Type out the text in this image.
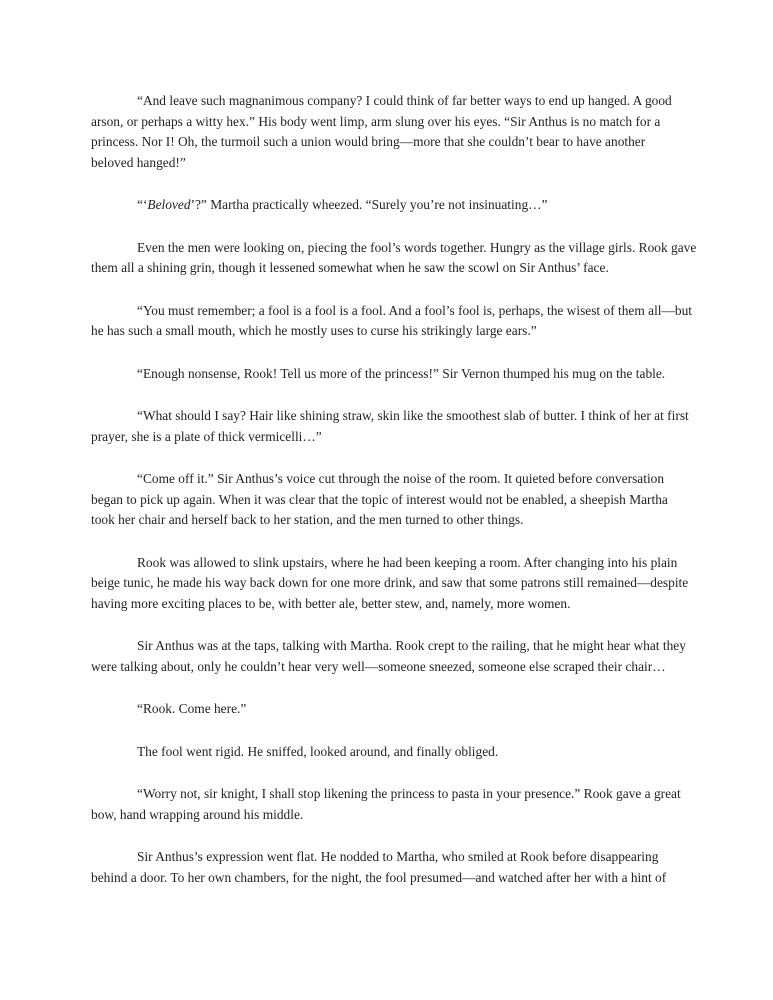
“And leave such magnanimous company? I could think of far better ways to end up hanged. A good
arson, or perhaps a witty hex.” His body went limp, arm slung over his eyes. “Sir Anthus is no match for a
princess. Nor I! Oh, the turmoil such a union would bring—more that she couldn’t bear to have another
beloved hanged!”

“‘Beloved’?” Martha practically wheezed. “Surely you’re not insinuating…”

Even the men were looking on, piecing the fool’s words together. Hungry as the village girls. Rook gave
them all a shining grin, though it lessened somewhat when he saw the scowl on Sir Anthus’ face.

“You must remember; a fool is a fool is a fool. And a fool’s fool is, perhaps, the wisest of them all—but
he has such a small mouth, which he mostly uses to curse his strikingly large ears.”

“Enough nonsense, Rook! Tell us more of the princess!” Sir Vernon thumped his mug on the table.

“What should I say? Hair like shining straw, skin like the smoothest slab of butter. I think of her at first
prayer, she is a plate of thick vermicelli…”

“Come off it.” Sir Anthus’s voice cut through the noise of the room. It quieted before conversation
began to pick up again. When it was clear that the topic of interest would not be enabled, a sheepish Martha
took her chair and herself back to her station, and the men turned to other things.

Rook was allowed to slink upstairs, where he had been keeping a room. After changing into his plain
beige tunic, he made his way back down for one more drink, and saw that some patrons still remained—despite
having more exciting places to be, with better ale, better stew, and, namely, more women.

Sir Anthus was at the taps, talking with Martha. Rook crept to the railing, that he might hear what they
were talking about, only he couldn’t hear very well—someone sneezed, someone else scraped their chair…

“Rook. Come here.”

The fool went rigid. He sniffed, looked around, and finally obliged.

“Worry not, sir knight, I shall stop likening the princess to pasta in your presence.” Rook gave a great
bow, hand wrapping around his middle.

Sir Anthus’s expression went flat. He nodded to Martha, who smiled at Rook before disappearing
behind a door. To her own chambers, for the night, the fool presumed—and watched after her with a hint of
